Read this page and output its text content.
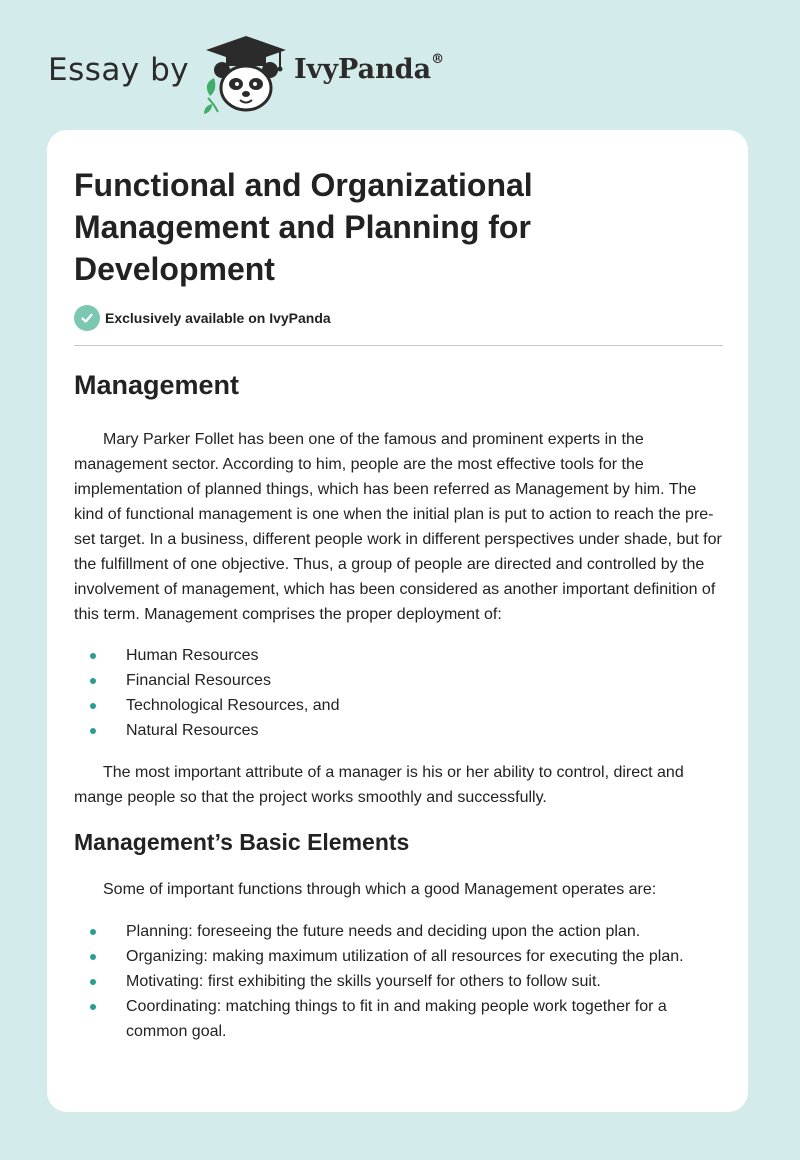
Essay by	IvyPanda®
Functional and Organizational Management and Planning for Development
Exclusively available on IvyPanda
Management

Mary Parker Follet has been one of the famous and prominent experts in the management sector. According to him, people are the most effective tools for the implementation of planned things, which has been referred as Management by him. The kind of functional management is one when the initial plan is put to action to reach the pre-set target. In a business, different people work in different perspectives under shade, but for the fulfillment of one objective. Thus, a group of people are directed and controlled by the involvement of management, which has been considered as another important definition of this term. Management comprises the proper deployment of:

Human Resources
Financial Resources
Technological Resources, and
Natural Resources

The most important attribute of a manager is his or her ability to control, direct and mange people so that the project works smoothly and successfully.

Management’s Basic Elements

Some of important functions through which a good Management operates are:

Planning: foreseeing the future needs and deciding upon the action plan.
Organizing: making maximum utilization of all resources for executing the plan.
Motivating: first exhibiting the skills yourself for others to follow suit.
Coordinating: matching things to fit in and making people work together for a common goal.
